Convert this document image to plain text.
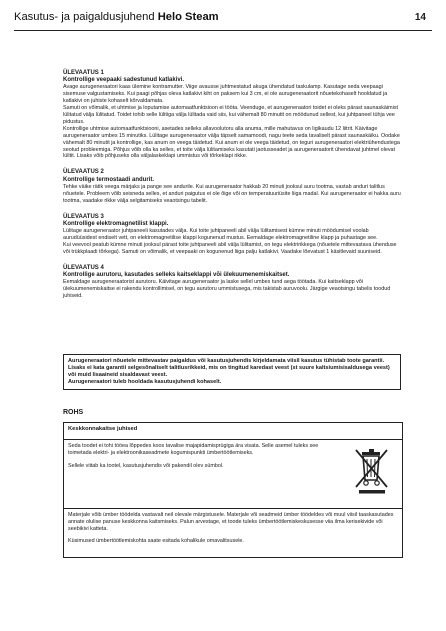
Kasutus- ja paigaldusjuhend Helo Steam	14
ÜLEVAATUS 1
Kontrollige veepaaki sadestunud katlakivi.

Avage aurugeneraatori kaas ülemine kontramutter. Viige avausse juhtmestatud akuga ühendatud taskulamp. Kasutage seda veepaagi sisemuse valgustamiseks. Kui paagi põhjas oleva katlakivi kiht on paksem kui 3 cm, ei ole aurugeneraatorit nõuetekohaselt hooldatud ja katlakivi on juhiste kohaselt kõrvaldamata.

Samuti on võimalik, et uhtmise ja loputamise automaatfunktsioon ei tööta. Veenduge, et aurugeneraatori toidet ei oleks pärast saunaskäimist lülitatud välja lülitatud. Toidet tohib selle lülitiga välja lülitada vaid siis, kui vähemalt 80 minutit on möödunud sellest, kui juhtpaneel tühja vee pidustus.

Kontrollige uhtmise automaatfunktsiooni, asetades selleks allavoolutoru alla anuma, mille mahutavus on ligikaudu 12 liitrit. Käivitage aurugeneraator umbes 15 minutiks. Lülitage aurugeneraator välja täpselt samamoodi, nagu teete seda tavaliselt pärast saunaskäiku. Oodake vähemalt 80 minutit ja kontrollige, kas anum on veega täidetud. Kui anum ei ole veega täidetud, on teguri aurugeneraatori elektriühendustega seotud probleemiga. Põhjus võib olla ka selles, et toite välja lülitamiseks kasutati jaotusseadet ja aurugeneraatorit ühendavat juhtmel olevat lülitit. Lisaks võib põhjuseks olla väljalaskeklapi ummistus või tõrkeklapi rikke.

ÜLEVAATUS 2
Kontrollige termostaadi andurit.

Tehke väike rätik veega märjaks ja pange see andurile. Kui aurugeneraator hakkab 20 minuti jooksul auru tootma, vastab anduri talitlus nõuetele. Probleem võib seisneda selles, et anduri paigutus ei ole õige või on temperatuuriüsite liiga madal. Kui aurugeneraator ei hakka auru tootma, vaadake rikke välja selgitamiseks veaotsingu tabelit.

ÜLEVAATUS 3
Kontrollige elektromagnetilist klappi.

Lülitage aurugeneraator juhtpaneeli kasutades välja. Kui toite juhtpaneeli abil välja lülitamisest kümne minuti möödumisel voolab aurudüüsidest endiselt vett, on elektromagnetilise klappi kogunenud mustus. Eemaldage elektromagnetiline klapp ja puhastage see.

Kui veevool peatub kümne minuti jooksul pärast toite juhtpaneeli abil välja lülitamist, on tegu elektririkkega (nõuetele mittevastava ühenduse või trükkplaadi tõrkega). Samuti on võimalik, et veepaaki on kogunenud liiga palju katlakivi. Vaadake lõevatust 1 käsitlevaid suuniseid.

ÜLEVAATUS 4
Kontrollige aurutoru, kasutades selleks kaitseklappi või ülekuumenemiskaitset.

Eemaldage aurugeneraatorist aurutoru. Käivitage aurugeneraator ja laske sellel umbes tund aega töötada. Kui kaitseklapp või ülekuumenemiskaitse ei rakendu kontrollimisel, on tegu aurutoru ummistusega, mis takistab auruvoolu. Järgige veaotsingu tabelis toodud juhiseid.

Aurugeneraatori nõuetele mittevastav paigaldus või kasutusjuhendis kirjeldamata viisil kasutus tühistab toote garantii.
Lisaks ei kata garantii selgesõnaliselt talitlusrikkeid, mis on tingitud karedast veest (st suure kaltsiumisisaldusega veest) või muid lisaaineid sisaldavast veest.
Aurugeneraatori tuleb hooldada kasutusjuhendi kohaselt.
ROHS
Keskkonnakaitse juhised

Seda toodet ei tohi tööea lõppedes koos tavalise majapidamisprügiga ära visata. Selle asemel tuleks see toimetada elektri- ja elektroonikaseadmete kogumispunkti ümbertöötlemiseks.

Sellele viitab ka tootel, kasutusjuhendis või pakendil olev sümbol.

Materjale võib ümber töödelda vastavalt neil olevale märgistusele. Materjale või seadmeid ümber töödeldes või muul viisil taaskasutades annate olulise panuse keskkonna kaitsmiseks. Palun arvestage, et toode tuleks ümbertöötlemiskeskusesse viia ilma kerisekivide või seebikivi kattetа.

Küsimused ümbertöötlemiskohta saate esitada kohalikule omavalitsusele.
